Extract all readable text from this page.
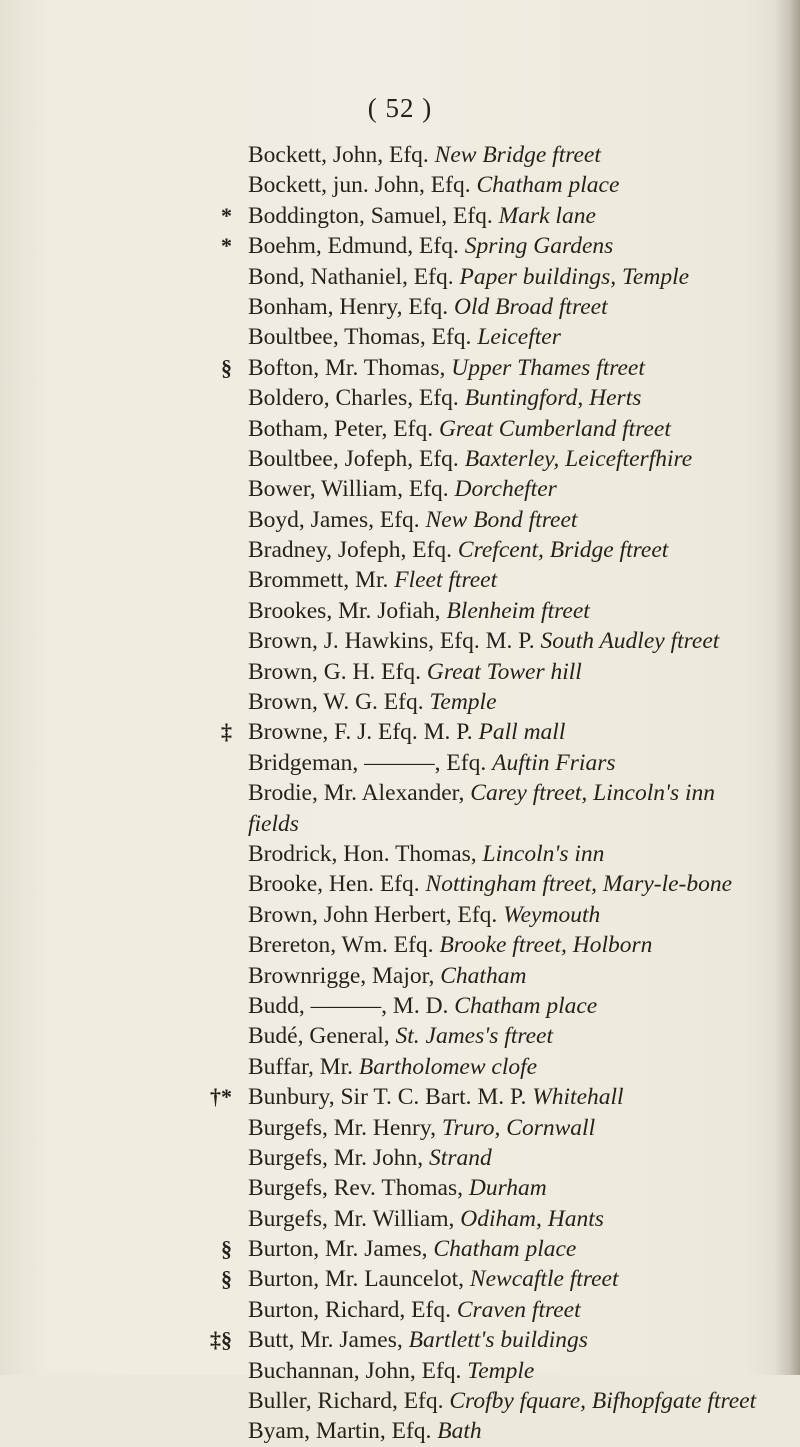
( 52 )
Bockett, John, Efq. New Bridge ftreet
Bockett, jun. John, Efq. Chatham place
* Boddington, Samuel, Efq. Mark lane
* Boehm, Edmund, Efq. Spring Gardens
Bond, Nathaniel, Efq. Paper buildings, Temple
Bonham, Henry, Efq. Old Broad ftreet
Boultbee, Thomas, Efq. Leicefter
§ Bofton, Mr. Thomas, Upper Thames ftreet
Boldero, Charles, Efq. Buntingford, Herts
Botham, Peter, Efq. Great Cumberland ftreet
Boultbee, Jofeph, Efq. Baxterley, Leicefterfhire
Bower, William, Efq. Dorchefter
Boyd, James, Efq. New Bond ftreet
Bradney, Jofeph, Efq. Crefcent, Bridge ftreet
Brommett, Mr. Fleet ftreet
Brookes, Mr. Jofiah, Blenheim ftreet
Brown, J. Hawkins, Efq. M. P. South Audley ftreet
Brown, G. H. Efq. Great Tower hill
Brown, W. G. Efq. Temple
‡ Browne, F. J. Efq. M. P. Pall mall
Bridgeman, ———, Efq. Auftin Friars
Brodie, Mr. Alexander, Carey ftreet, Lincoln's inn
fields
Brodrick, Hon. Thomas, Lincoln's inn
Brooke, Hen. Efq. Nottingham ftreet, Mary-le-bone
Brown, John Herbert, Efq. Weymouth
Brereton, Wm. Efq. Brooke ftreet, Holborn
Brownrigge, Major, Chatham
Budd, ———, M. D. Chatham place
Budé, General, St. James's ftreet
Buffar, Mr. Bartholomew clofe
†* Bunbury, Sir T. C. Bart. M. P. Whitehall
Burgefs, Mr. Henry, Truro, Cornwall
Burgefs, Mr. John, Strand
Burgefs, Rev. Thomas, Durham
Burgefs, Mr. William, Odiham, Hants
§ Burton, Mr. James, Chatham place
§ Burton, Mr. Launcelot, Newcaftle ftreet
Burton, Richard, Efq. Craven ftreet
‡§ Butt, Mr. James, Bartlett's buildings
Buchannan, John, Efq. Temple
Buller, Richard, Efq. Crofby fquare, Bifhopfgate ftreet
Byam, Martin, Efq. Bath
